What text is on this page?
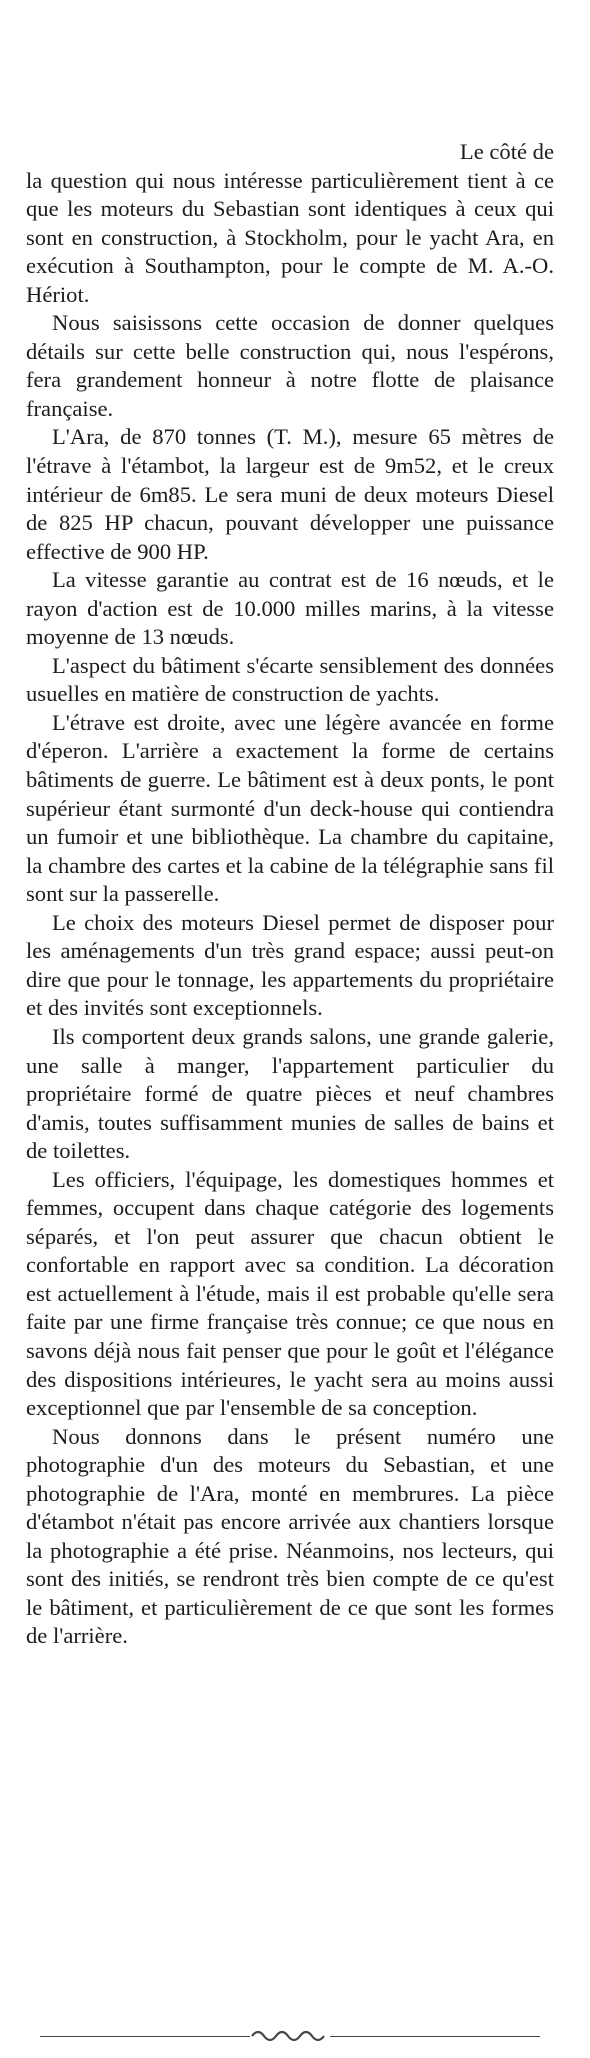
Le côté de

la question qui nous intéresse particulièrement tient à ce que les moteurs du Sebastian sont identiques à ceux qui sont en construction, à Stockholm, pour le yacht Ara, en exécution à Southampton, pour le compte de M. A.-O. Hériot.

Nous saisissons cette occasion de donner quelques détails sur cette belle construction qui, nous l'espérons, fera grandement honneur à notre flotte de plaisance française.

L'Ara, de 870 tonnes (T. M.), mesure 65 mètres de l'étrave à l'étambot, la largeur est de 9m52, et le creux intérieur de 6m85. Le sera muni de deux moteurs Diesel de 825 HP chacun, pouvant développer une puissance effective de 900 HP.

La vitesse garantie au contrat est de 16 nœuds, et le rayon d'action est de 10.000 milles marins, à la vitesse moyenne de 13 nœuds.

L'aspect du bâtiment s'écarte sensiblement des données usuelles en matière de construction de yachts.

L'étrave est droite, avec une légère avancée en forme d'éperon. L'arrière a exactement la forme de certains bâtiments de guerre. Le bâtiment est à deux ponts, le pont supérieur étant surmonté d'un deck-house qui contiendra un fumoir et une bibliothèque. La chambre du capitaine, la chambre des cartes et la cabine de la télégraphie sans fil sont sur la passerelle.

Le choix des moteurs Diesel permet de disposer pour les aménagements d'un très grand espace; aussi peut-on dire que pour le tonnage, les appartements du propriétaire et des invités sont exceptionnels.

Ils comportent deux grands salons, une grande galerie, une salle à manger, l'appartement particulier du propriétaire formé de quatre pièces et neuf chambres d'amis, toutes suffisamment munies de salles de bains et de toilettes.

Les officiers, l'équipage, les domestiques hommes et femmes, occupent dans chaque catégorie des logements séparés, et l'on peut assurer que chacun obtient le confortable en rapport avec sa condition. La décoration est actuellement à l'étude, mais il est probable qu'elle sera faite par une firme française très connue; ce que nous en savons déjà nous fait penser que pour le goût et l'élégance des dispositions intérieures, le yacht sera au moins aussi exceptionnel que par l'ensemble de sa conception.

Nous donnons dans le présent numéro une photographie d'un des moteurs du Sebastian, et une photographie de l'Ara, monté en membrures. La pièce d'étambot n'était pas encore arrivée aux chantiers lorsque la photographie a été prise. Néanmoins, nos lecteurs, qui sont des initiés, se rendront très bien compte de ce qu'est le bâtiment, et particulièrement de ce que sont les formes de l'arrière.
